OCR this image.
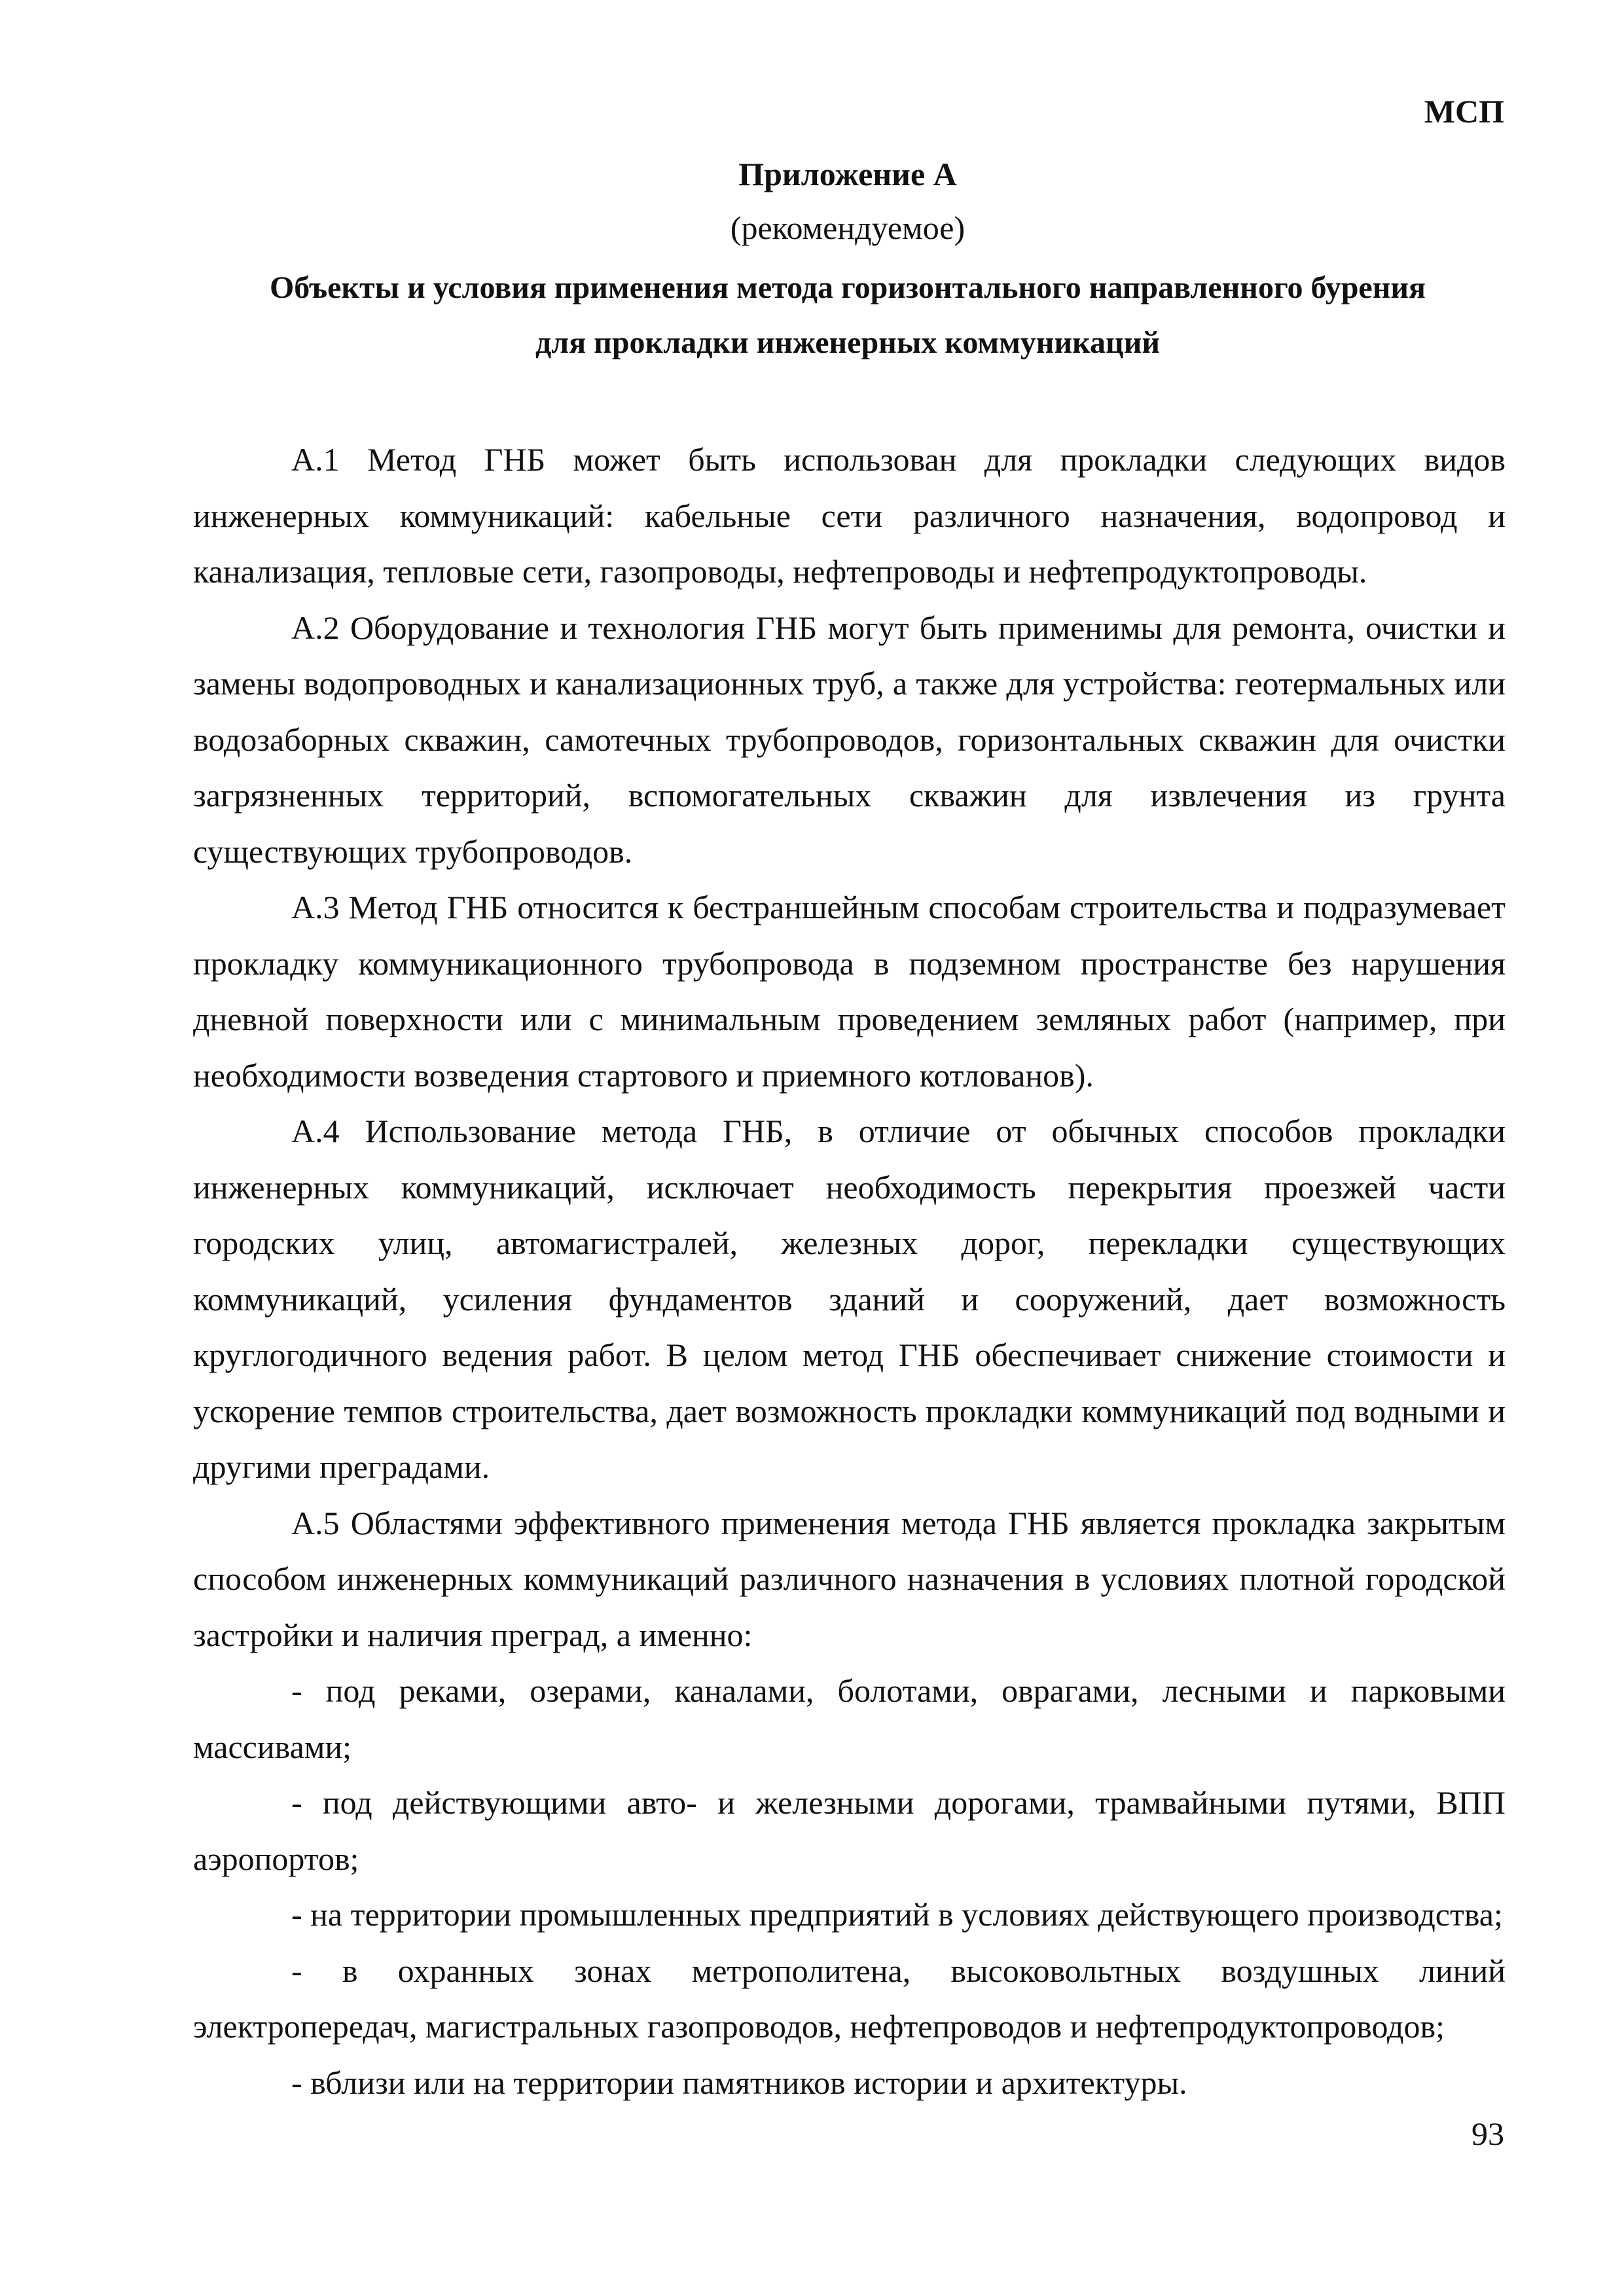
МСП

Приложение А

(рекомендуемое)

Объекты и условия применения метода горизонтального направленного бурения

для прокладки инженерных коммуникаций

А.1 Метод ГНБ может быть использован для прокладки следующих видов инженерных коммуникаций: кабельные сети различного назначения, водопровод и канализация, тепловые сети, газопроводы, нефтепроводы и нефтепродуктопроводы.

А.2 Оборудование и технология ГНБ могут быть применимы для ремонта, очистки и замены водопроводных и канализационных труб, а также для устройства: геотермальных или водозаборных скважин, самотечных трубопроводов, горизонтальных скважин для очистки загрязненных территорий, вспомогательных скважин для извлечения из грунта существующих трубопроводов.

А.3 Метод ГНБ относится к бестраншейным способам строительства и подразумевает прокладку коммуникационного трубопровода в подземном пространстве без нарушения дневной поверхности или с минимальным проведением земляных работ (например, при необходимости возведения стартового и приемного котлованов).

А.4 Использование метода ГНБ, в отличие от обычных способов прокладки инженерных коммуникаций, исключает необходимость перекрытия проезжей части городских улиц, автомагистралей, железных дорог, перекладки существующих коммуникаций, усиления фундаментов зданий и сооружений, дает возможность круглогодичного ведения работ. В целом метод ГНБ обеспечивает снижение стоимости и ускорение темпов строительства, дает возможность прокладки коммуникаций под водными и другими преградами.

А.5 Областями эффективного применения метода ГНБ является прокладка закрытым способом инженерных коммуникаций различного назначения в условиях плотной городской застройки и наличия преград, а именно:

- под реками, озерами, каналами, болотами, оврагами, лесными и парковыми массивами;

- под действующими авто- и железными дорогами, трамвайными путями, ВПП аэропортов;

- на территории промышленных предприятий в условиях действующего производства;

- в охранных зонах метрополитена, высоковольтных воздушных линий электропередач, магистральных газопроводов, нефтепроводов и нефтепродуктопроводов;

- вблизи или на территории памятников истории и архитектуры.

93
